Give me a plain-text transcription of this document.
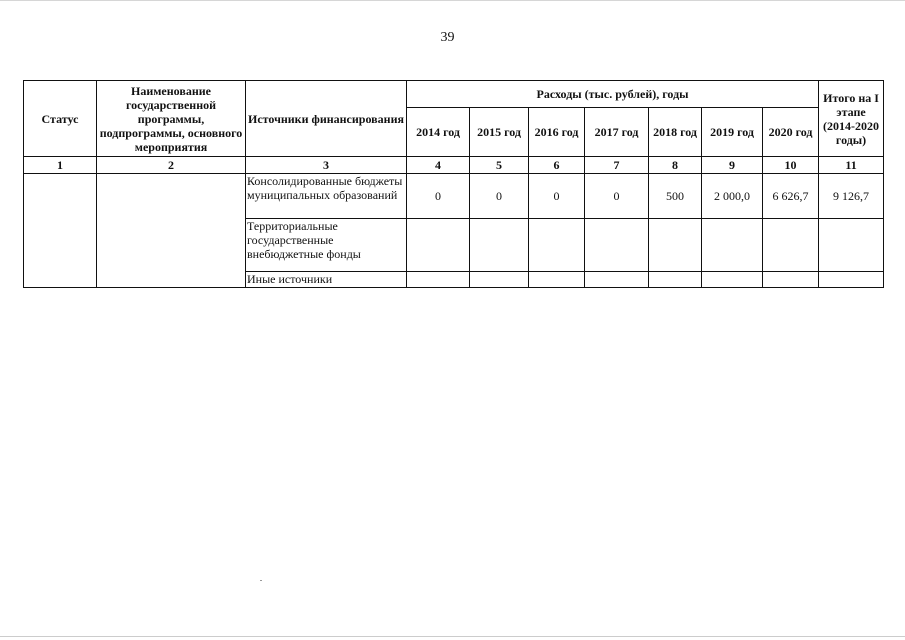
39
Статус	Наименование государственной программы, подпрограммы, основного мероприятия	Источники финансирования	Расходы (тыс. рублей), годы							Итого на I этапе (2014-2020 годы)
			2014 год	2015 год	2016 год	2017 год	2018 год	2019 год	2020 год	
1	2	3	4	5	6	7	8	9	10	11
		Консолидированные бюджеты муниципальных образований	0	0	0	0	500	2 000,0	6 626,7	9 126,7
		Территориальные государственные внебюджетные фонды								
		Иные источники								
